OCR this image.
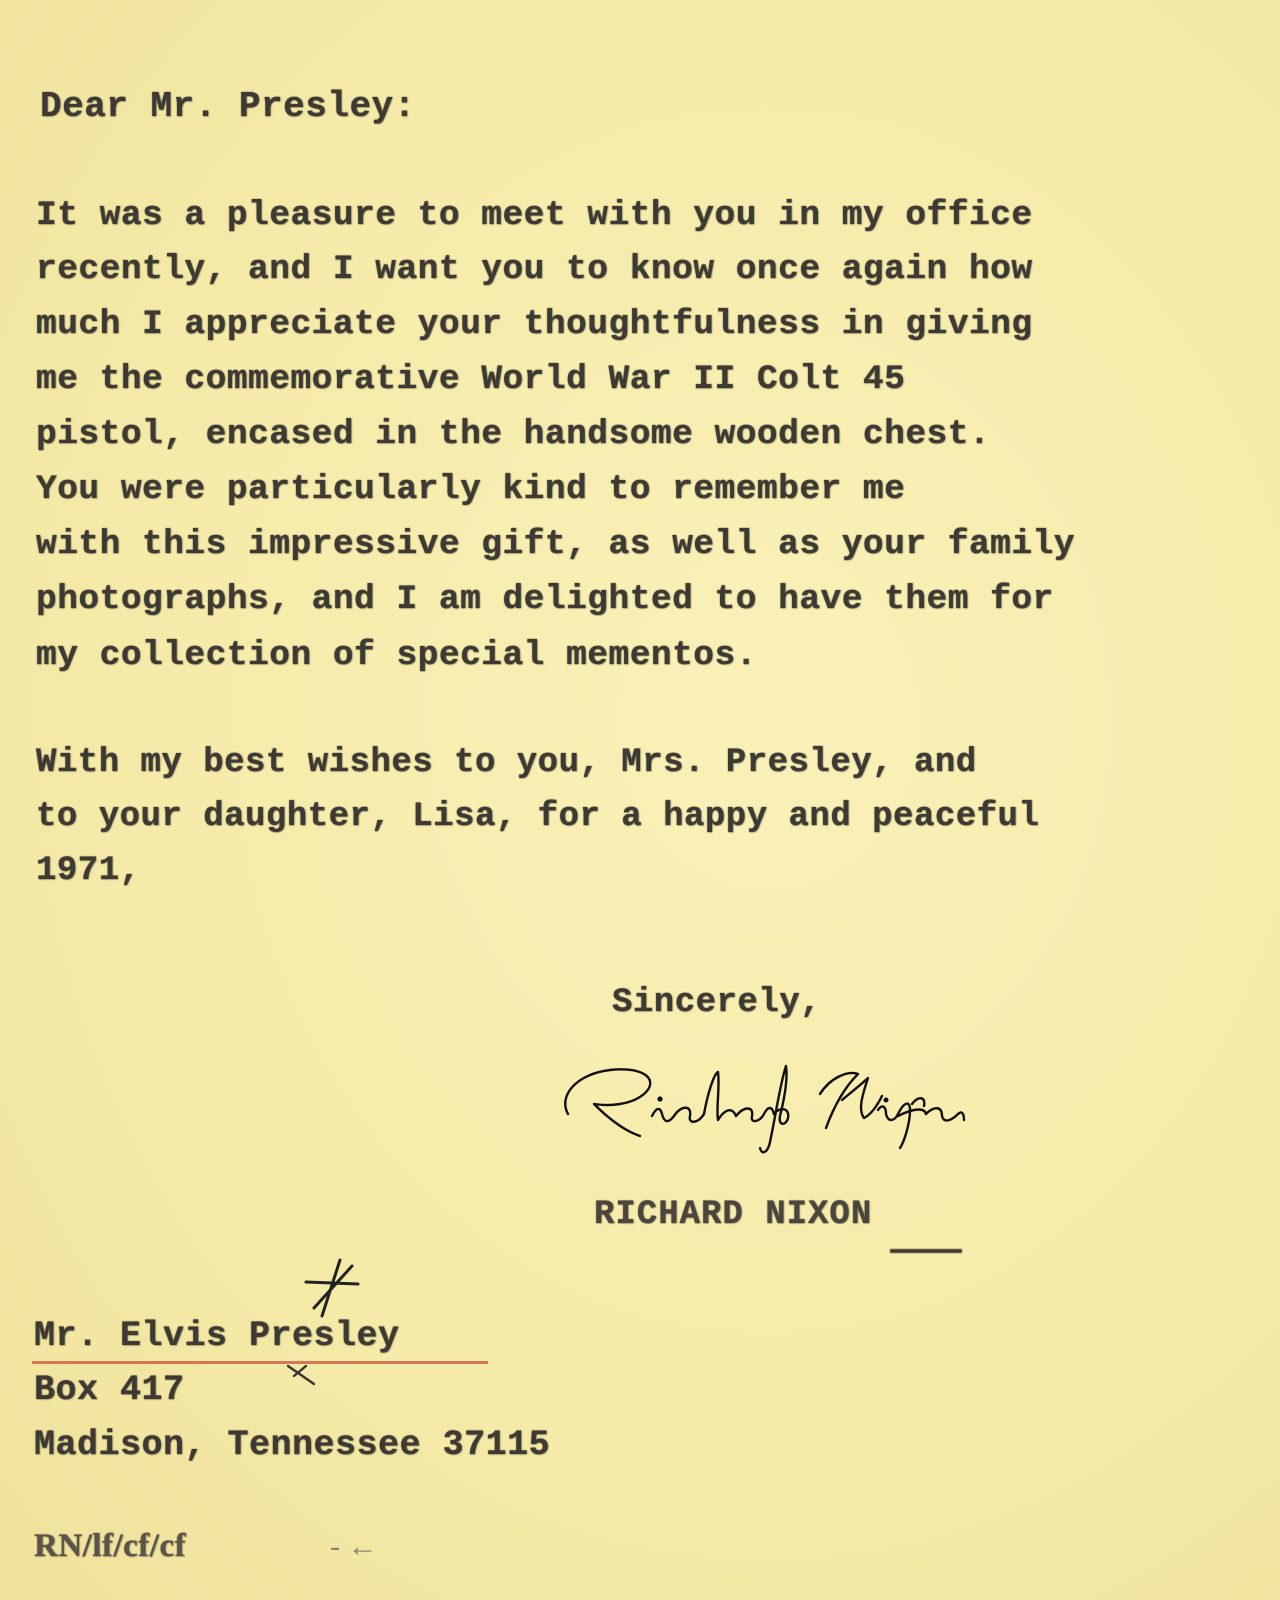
Dear Mr. Presley:

It was a pleasure to meet with you in my office

recently, and I want you to know once again how

much I appreciate your thoughtfulness in giving

me the commemorative World War II Colt 45

pistol, encased in the handsome wooden chest.

You were particularly kind to remember me

with this impressive gift, as well as your family

photographs, and I am delighted to have them for

my collection of special mementos.

With my best wishes to you, Mrs. Presley, and

to your daughter, Lisa, for a happy and peaceful

1971,

Sincerely,

RICHARD NIXON

Mr. Elvis Presley

Box 417

Madison, Tennessee 37115

RN/lf/cf/cf	- ←
